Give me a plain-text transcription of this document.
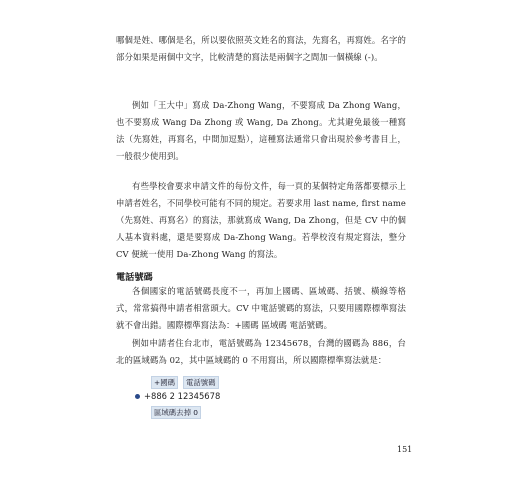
哪個是姓、哪個是名，所以要依照英文姓名的寫法，先寫名，再寫姓。名字的部分如果是兩個中文字，比較清楚的寫法是兩個字之間加一個橫線 (-)。

例如「王大中」寫成 Da-Zhong Wang，不要寫成 Da Zhong Wang，也不要寫成 Wang Da Zhong 或 Wang, Da Zhong。尤其避免最後一種寫法（先寫姓，再寫名，中間加逗點），這種寫法通常只會出現於參考書目上，一般很少使用到。

有些學校會要求申請文件的每份文件，每一頁的某個特定角落都要標示上申請者姓名，不同學校可能有不同的規定。若要求用 last name, first name（先寫姓、再寫名）的寫法，那就寫成 Wang, Da Zhong，但是 CV 中的個人基本資料處，還是要寫成 Da-Zhong Wang。若學校沒有規定寫法，整分 CV 便統一使用 Da-Zhong Wang 的寫法。

電話號碼

各個國家的電話號碼長度不一，再加上國碼、區域碼、括號、橫線等格式，常常搞得申請者相當頭大。CV 中電話號碼的寫法，只要用國際標準寫法就不會出錯。國際標準寫法為：+國碼 區域碼 電話號碼。

例如申請者住台北市，電話號碼為 12345678，台灣的國碼為 886，台北的區域碼為 02，其中區域碼的 0 不用寫出，所以國際標準寫法就是：

+國碼	電話號碼
+886 2 12345678
區域碼去掉 0
151
